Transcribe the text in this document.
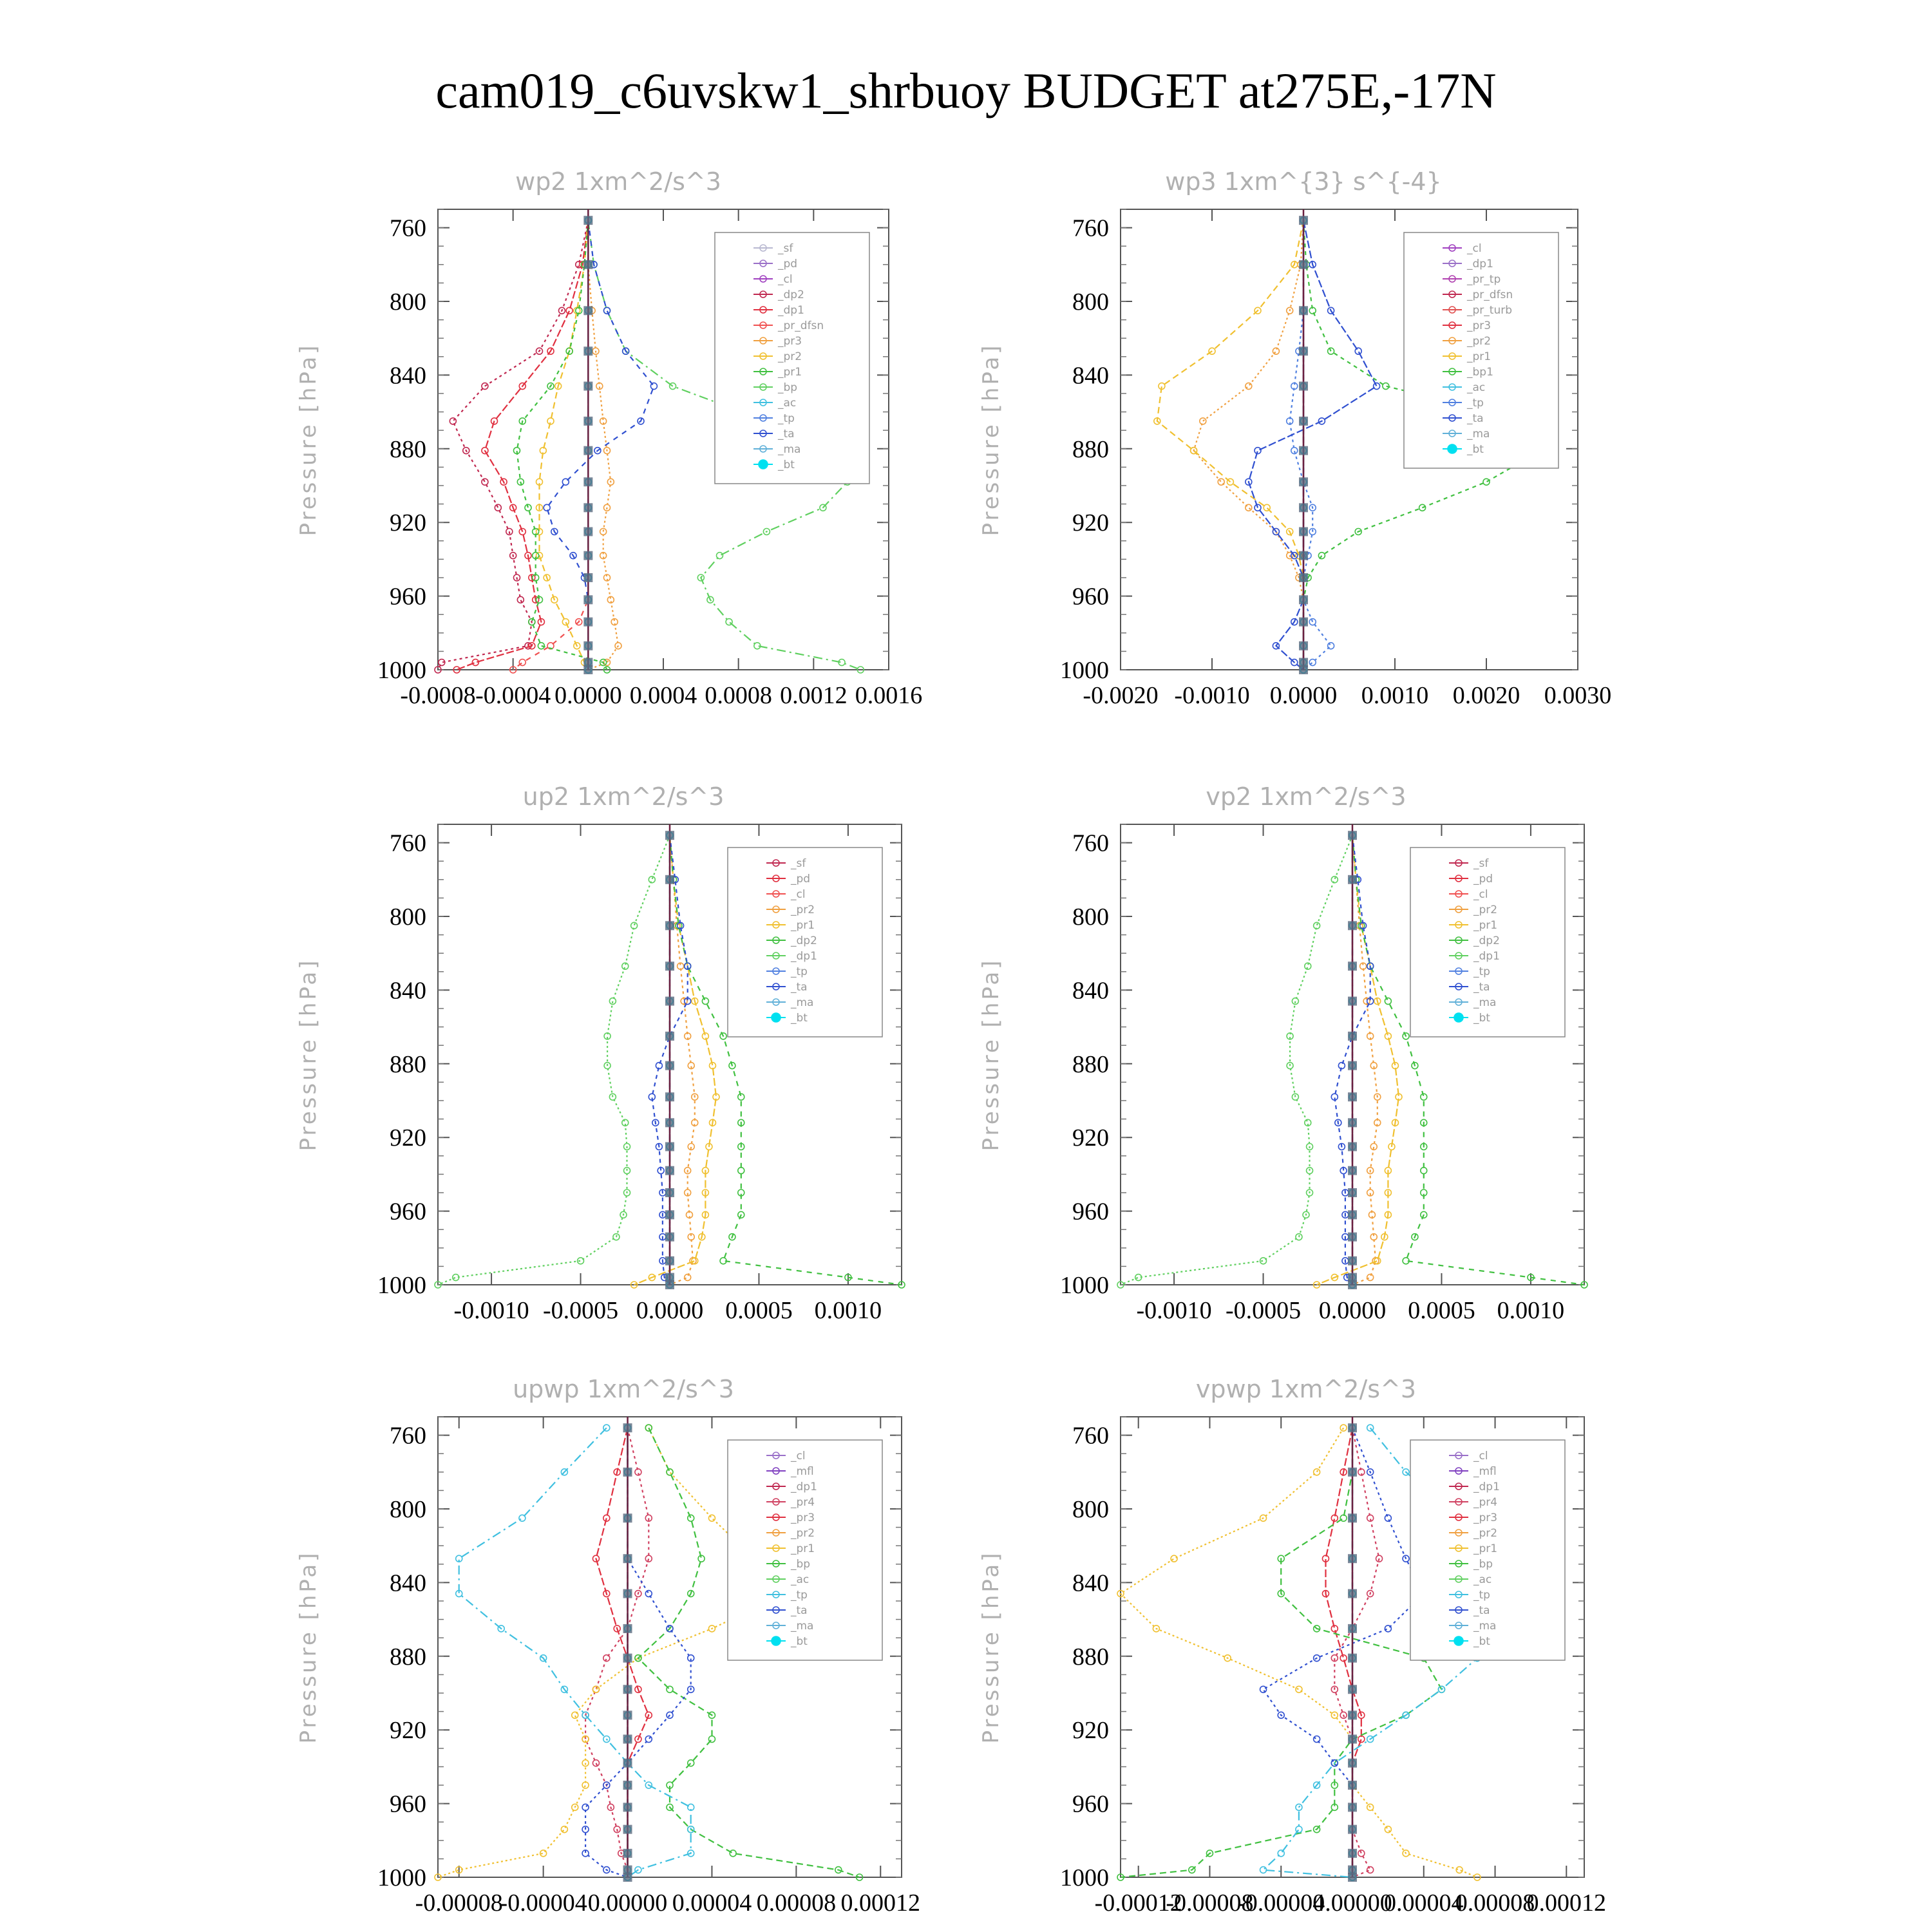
cam019_c6uvskw1_shrbuoy BUDGET at275E,-17N
wp2 1xm^2/s^3
Pressure [hPa]
760
800
840
880
920
960
1000
-0.0008 -0.0004 0.0000 0.0004 0.0008 0.0012 0.0016
_sf
_pd
_cl
_dp2
_dp1
_pr_dfsn
_pr3
_pr2
_pr1
_bp
_ac
_tp
_ta
_ma
_bt
wp3 1xm^{3} s^{-4}
Pressure [hPa]
760
800
840
880
920
960
1000
-0.0020 -0.0010 0.0000 0.0010 0.0020 0.0030
_cl
_dp1
_pr_tp
_pr_dfsn
_pr_turb
_pr3
_pr2
_pr1
_bp1
_ac
_tp
_ta
_ma
_bt
up2 1xm^2/s^3
Pressure [hPa]
760
800
840
880
920
960
1000
-0.0010 -0.0005 0.0000 0.0005 0.0010
_sf
_pd
_cl
_pr2
_pr1
_dp2
_dp1
_tp
_ta
_ma
_bt
vp2 1xm^2/s^3
Pressure [hPa]
760
800
840
880
920
960
1000
-0.0010 -0.0005 0.0000 0.0005 0.0010
_sf
_pd
_cl
_pr2
_pr1
_dp2
_dp1
_tp
_ta
_ma
_bt
upwp 1xm^2/s^3
Pressure [hPa]
760
800
840
880
920
960
1000
-0.00008
-0.00004 0.00000 0.00004 0.00008 0.00012
_cl
_mfl
_dp1
_pr4
_pr3
_pr2
_pr1
_bp
_ac
_tp
_ta
_ma
_bt
vpwp 1xm^2/s^3
Pressure [hPa]
760
800
840
880
920
960
1000
-0.00012
-0.00008
-0.00004
0.00000
0.00004
0.00008
0.00012
_cl
_mfl
_dp1
_pr4
_pr3
_pr2
_pr1
_bp
_ac
_tp
_ta
_ma
_bt
